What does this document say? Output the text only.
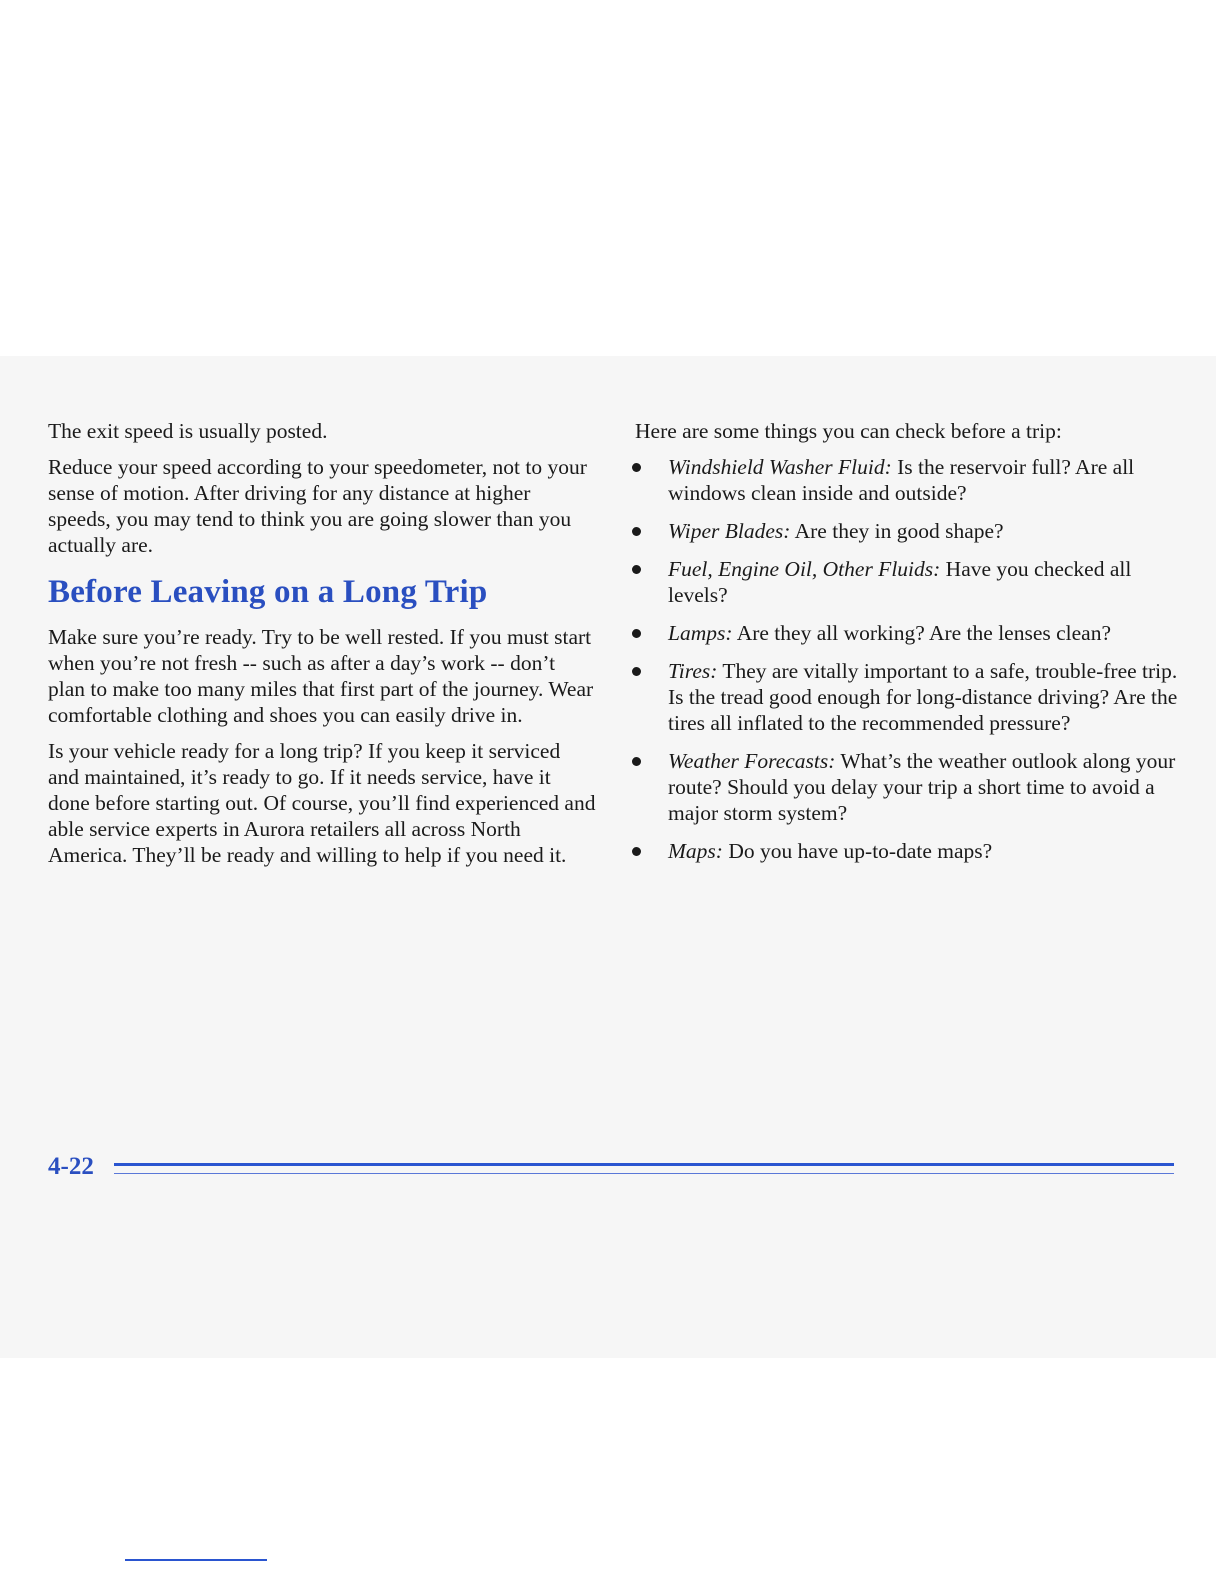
The exit speed is usually posted.

Reduce your speed according to your speedometer, not to your sense of motion. After driving for any distance at higher speeds, you may tend to think you are going slower than you actually are.

Before Leaving on a Long Trip

Make sure you’re ready. Try to be well rested. If you must start when you’re not fresh -- such as after a day’s work -- don’t plan to make too many miles that first part of the journey. Wear comfortable clothing and shoes you can easily drive in.

Is your vehicle ready for a long trip? If you keep it serviced and maintained, it’s ready to go. If it needs service, have it done before starting out. Of course, you’ll find experienced and able service experts in Aurora retailers all across North America. They’ll be ready and willing to help if you need it.

Here are some things you can check before a trip:

Windshield Washer Fluid: Is the reservoir full? Are all windows clean inside and outside?
Wiper Blades: Are they in good shape?
Fuel, Engine Oil, Other Fluids: Have you checked all levels?
Lamps: Are they all working? Are the lenses clean?
Tires: They are vitally important to a safe, trouble-free trip. Is the tread good enough for long-distance driving? Are the tires all inflated to the recommended pressure?
Weather Forecasts: What’s the weather outlook along your route? Should you delay your trip a short time to avoid a major storm system?
Maps: Do you have up-to-date maps?
4-22
